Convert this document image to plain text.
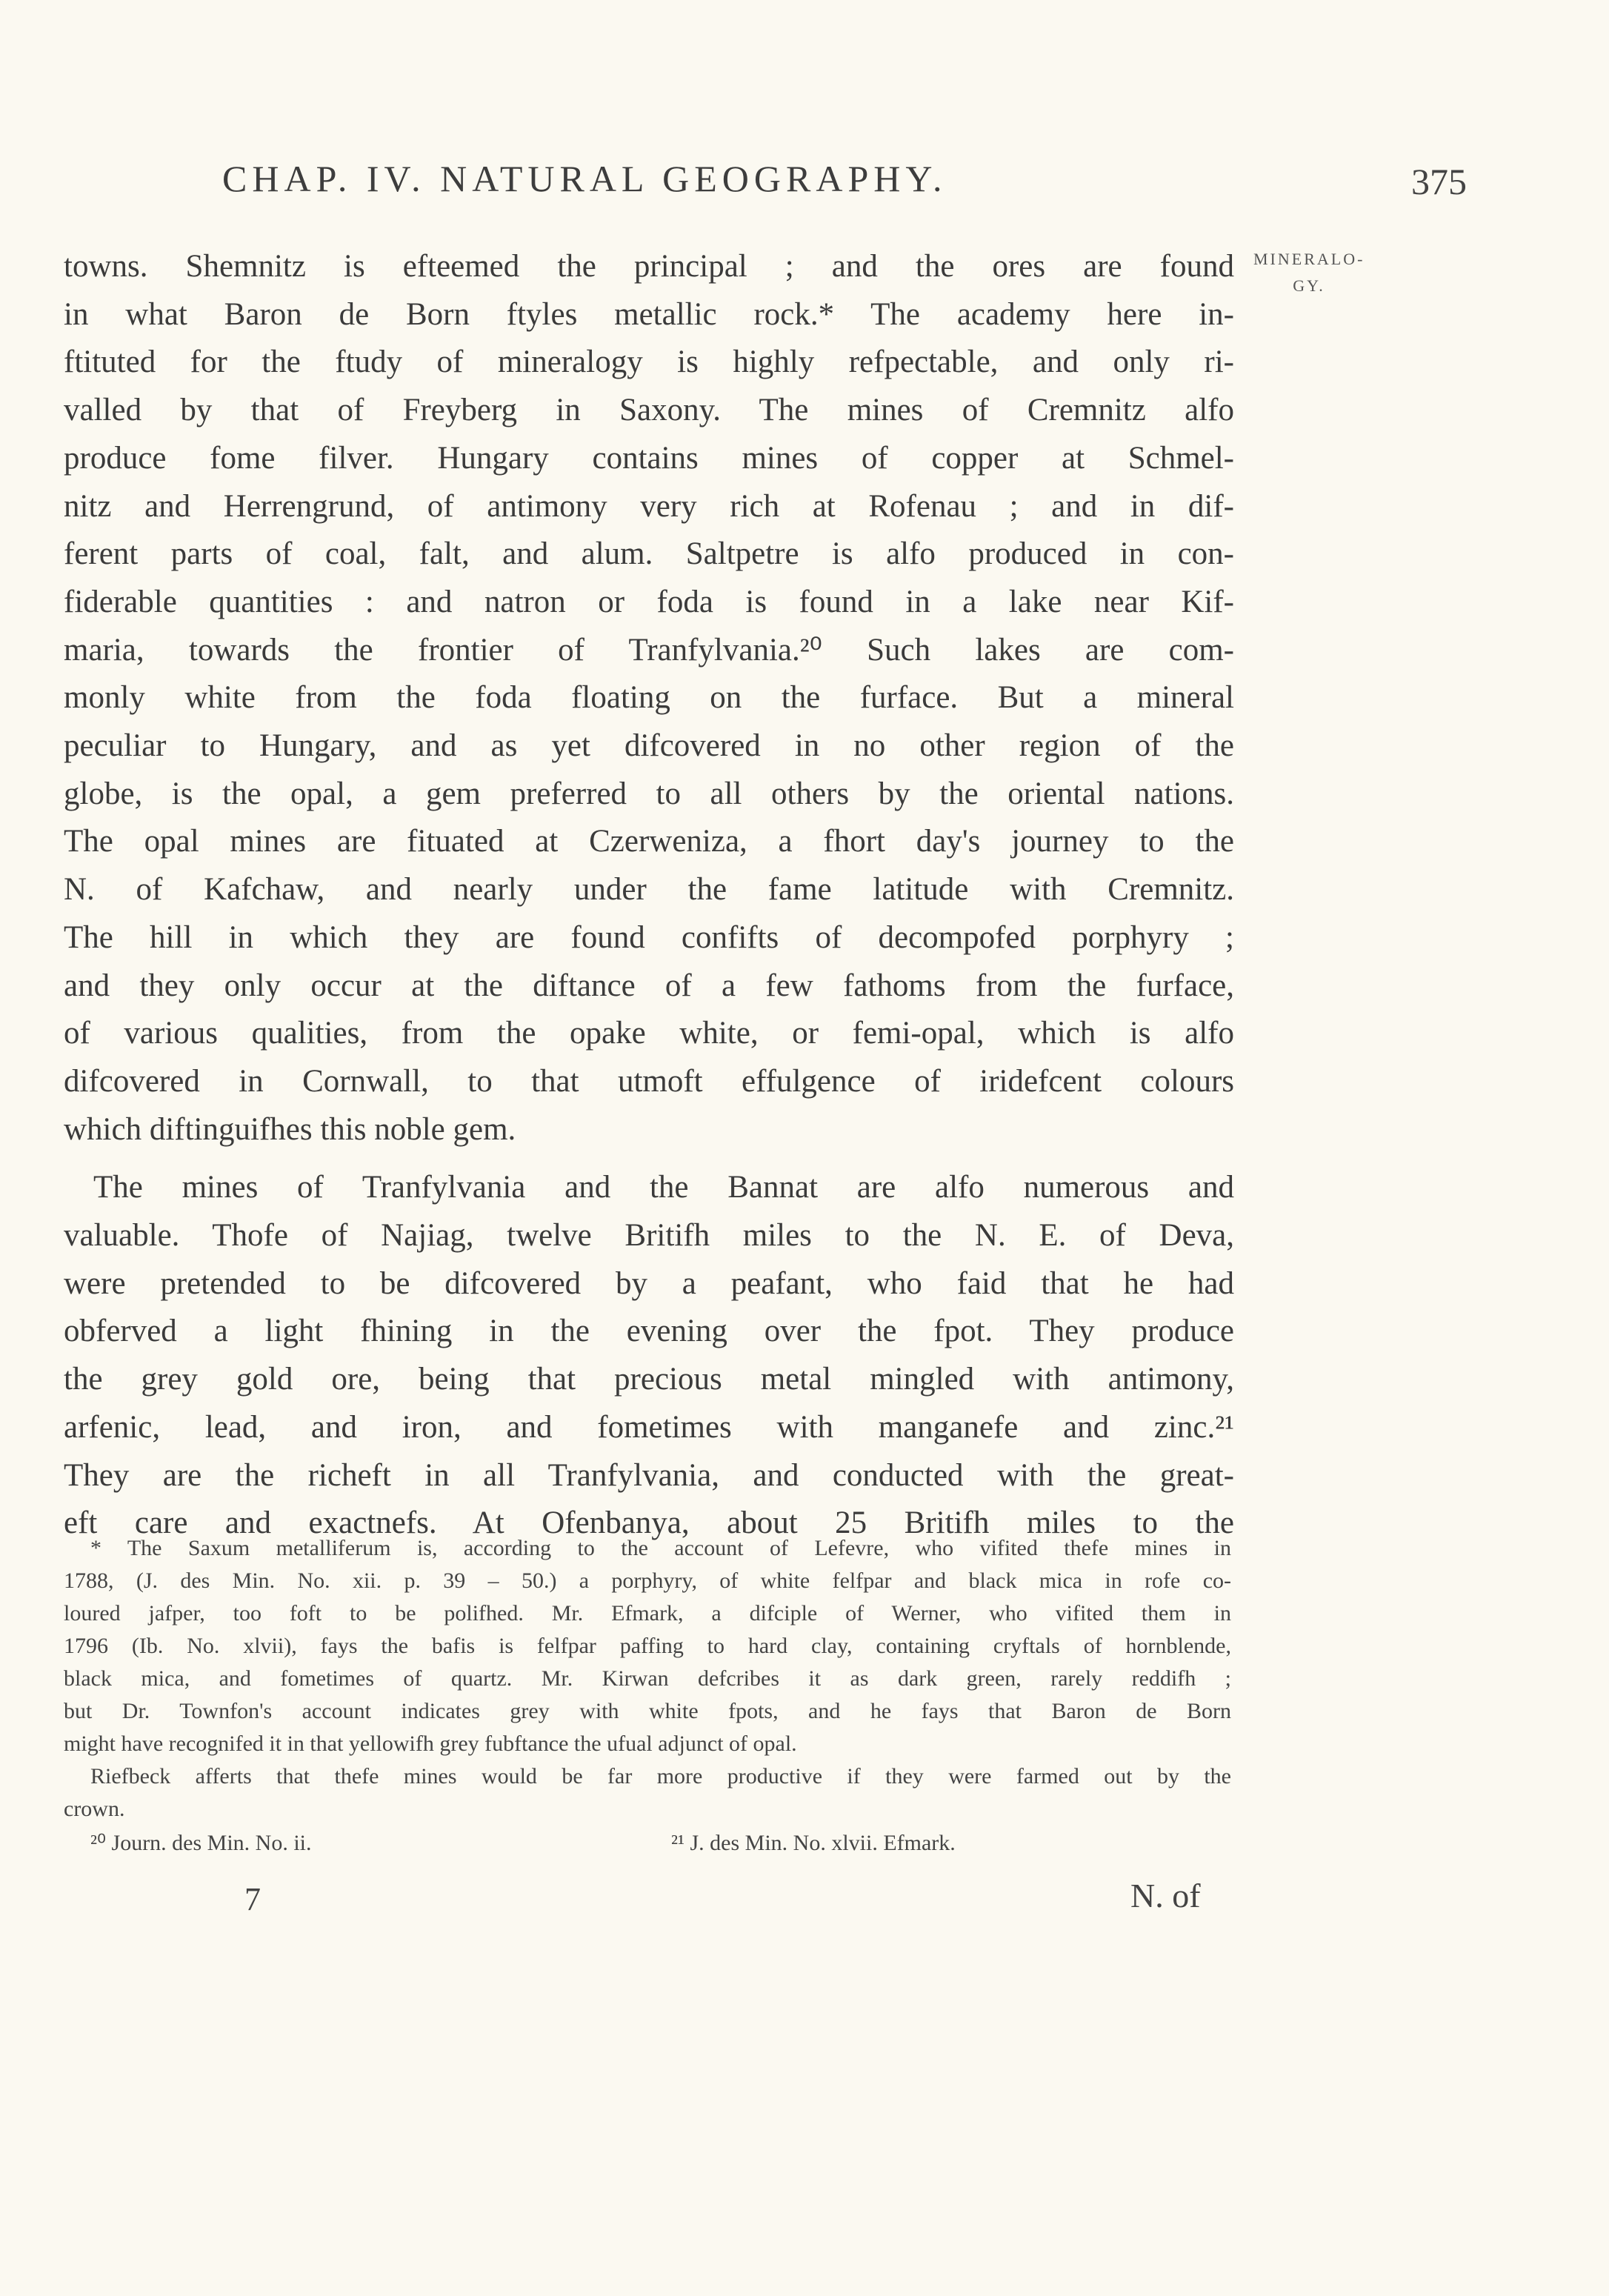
CHAP. IV. NATURAL GEOGRAPHY.	375
MINERALO-
GY.
towns. Shemnitz is efteemed the principal ; and the ores are found
in what Baron de Born ftyles metallic rock.* The academy here in-
ftituted for the ftudy of mineralogy is highly refpectable, and only ri-
valled by that of Freyberg in Saxony. The mines of Cremnitz alfo
produce fome filver. Hungary contains mines of copper at Schmel-
nitz and Herrengrund, of antimony very rich at Rofenau ; and in dif-
ferent parts of coal, falt, and alum. Saltpetre is alfo produced in con-
fiderable quantities : and natron or foda is found in a lake near Kif-
maria, towards the frontier of Tranfylvania.²⁰ Such lakes are com-
monly white from the foda floating on the furface. But a mineral
peculiar to Hungary, and as yet difcovered in no other region of the
globe, is the opal, a gem preferred to all others by the oriental nations.
The opal mines are fituated at Czerweniza, a fhort day's journey to the
N. of Kafchaw, and nearly under the fame latitude with Cremnitz.
The hill in which they are found confifts of decompofed porphyry ;
and they only occur at the diftance of a few fathoms from the furface,
of various qualities, from the opake white, or femi-opal, which is alfo
difcovered in Cornwall, to that utmoft effulgence of iridefcent colours
which diftinguifhes this noble gem.
The mines of Tranfylvania and the Bannat are alfo numerous and
valuable. Thofe of Najiag, twelve Britifh miles to the N. E. of Deva,
were pretended to be difcovered by a peafant, who faid that he had
obferved a light fhining in the evening over the fpot. They produce
the grey gold ore, being that precious metal mingled with antimony,
arfenic, lead, and iron, and fometimes with manganefe and zinc.²¹
They are the richeft in all Tranfylvania, and conducted with the great-
eft care and exactnefs. At Ofenbanya, about 25 Britifh miles to the
* The Saxum metalliferum is, according to the account of Lefevre, who vifited thefe mines in
1788, (J. des Min. No. xii. p. 39 – 50.) a porphyry, of white felfpar and black mica in rofe co-
loured jafper, too foft to be polifhed. Mr. Efmark, a difciple of Werner, who vifited them in
1796 (Ib. No. xlvii), fays the bafis is felfpar paffing to hard clay, containing cryftals of hornblende,
black mica, and fometimes of quartz. Mr. Kirwan defcribes it as dark green, rarely reddifh ;
but Dr. Townfon's account indicates grey with white fpots, and he fays that Baron de Born
might have recognifed it in that yellowifh grey fubftance the ufual adjunct of opal.
Riefbeck afferts that thefe mines would be far more productive if they were farmed out by the
crown.
²⁰ Journ. des Min. No. ii.	²¹ J. des Min. No. xlvii. Efmark.
7	N. of
